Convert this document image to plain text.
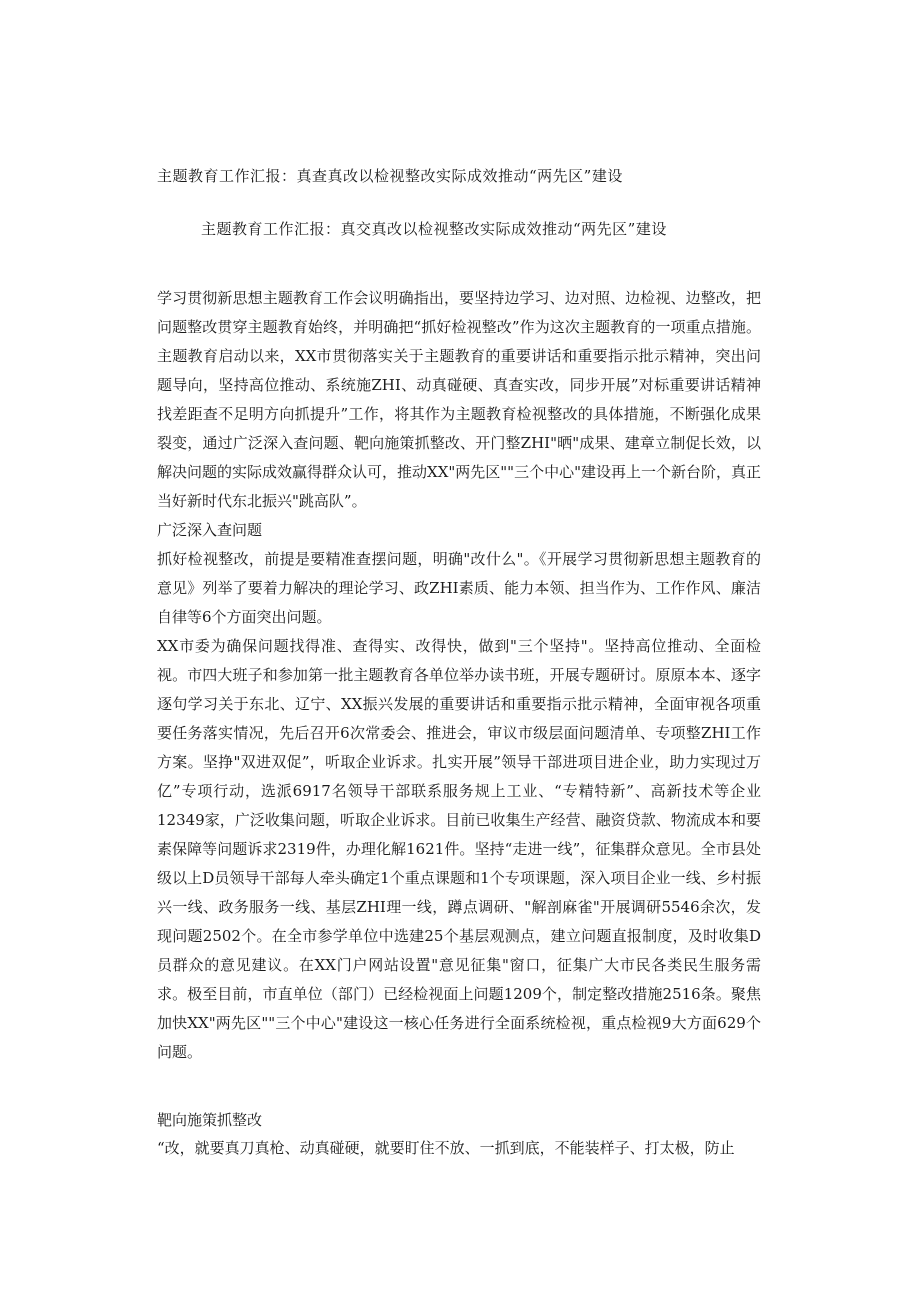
主题教育工作汇报：真查真改以检视整改实际成效推动“两先区”建设
主题教育工作汇报：真交真改以检视整改实际成效推动“两先区”建设

学习贯彻新思想主题教育工作会议明确指出，要坚持边学习、边对照、边检视、边整改，把问题整改贯穿主题教育始终，并明确把“抓好检视整改”作为这次主题教育的一项重点措施。主题教育启动以来，XX市贯彻落实关于主题教育的重要讲话和重要指示批示精神，突出问题导向，坚持高位推动、系统施ZHI、动真碰硬、真查实改，同步开展”对标重要讲话精神找差距查不足明方向抓提升”工作，将其作为主题教育检视整改的具体措施，不断强化成果裂变，通过广泛深入查问题、靶向施策抓整改、开门整ZHI"晒"成果、建章立制促长效，以解决问题的实际成效赢得群众认可，推动XX"两先区""三个中心"建设再上一个新台阶，真正当好新时代东北振兴"跳高队”。

广泛深入查问题

抓好检视整改，前提是要精准查摆问题，明确"改什么"。《开展学习贯彻新思想主题教育的意见》列举了要着力解决的理论学习、政ZHI素质、能力本领、担当作为、工作作风、廉洁自律等6个方面突出问题。

XX市委为确保问题找得准、查得实、改得快，做到"三个坚持"。坚持高位推动、全面检视。市四大班子和参加第一批主题教育各单位举办读书班，开展专题研讨。原原本本、逐字逐句学习关于东北、辽宁、XX振兴发展的重要讲话和重要指示批示精神，全面审视各项重要任务落实情况，先后召开6次常委会、推进会，审议市级层面问题清单、专项整ZHI工作方案。坚挣"双进双促”，听取企业诉求。扎实开展”领导干部进项目进企业，助力实现过万亿”专项行动，选派6917名领导干部联系服务规上工业、“专精特新”、高新技术等企业12349家，广泛收集问题，听取企业诉求。目前已收集生产经营、融资贷款、物流成本和要素保障等问题诉求2319件，办理化解1621件。坚持“走进一线”，征集群众意见。全市县处级以上D员领导干部每人牵头确定1个重点课题和1个专项课题，深入项目企业一线、乡村振兴一线、政务服务一线、基层ZHI理一线，蹲点调研、"解剖麻雀"开展调研5546余次，发现问题2502个。在全市参学单位中选建25个基层观测点，建立问题直报制度，及时收集D员群众的意见建议。在XX门户网站设置"意见征集"窗口，征集广大市民各类民生服务需求。极至目前，市直单位（部门）已经检视面上问题1209个，制定整改措施2516条。聚焦加快XX"两先区""三个中心"建设这一核心任务进行全面系统检视，重点检视9大方面629个问题。

靶向施策抓整改

“改，就要真刀真枪、动真碰硬，就要盯住不放、一抓到底，不能装样子、打太极，防止
